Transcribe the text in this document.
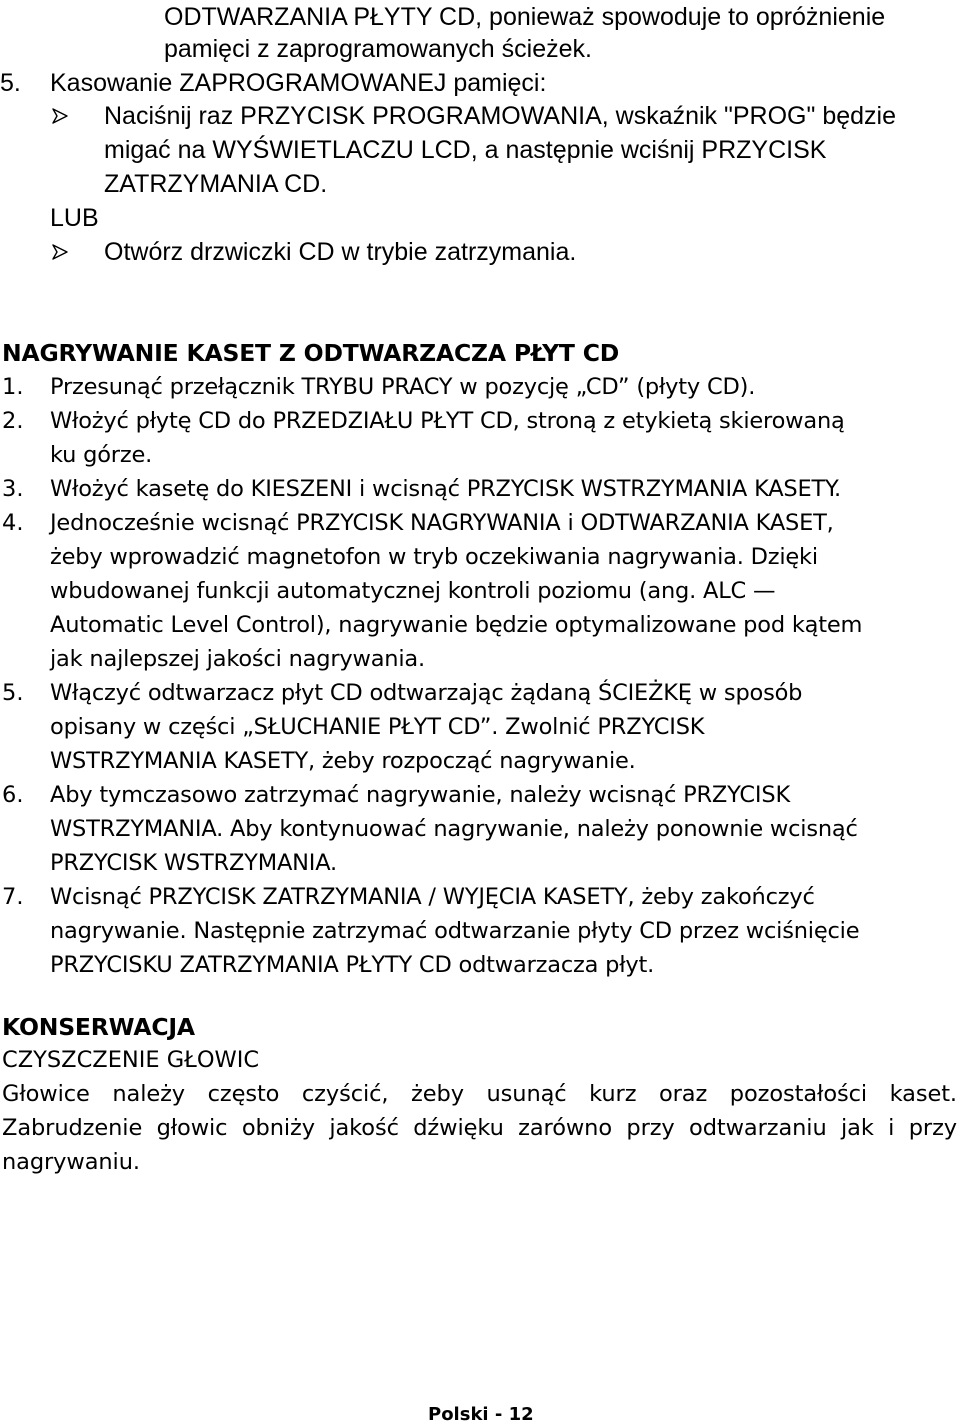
ODTWARZANIA PŁYTY CD, ponieważ spowoduje to opróżnienie
pamięci z zaprogramowanych ścieżek.
5. Kasowanie ZAPROGRAMOWANEJ pamięci:
Naciśnij raz PRZYCISK PROGRAMOWANIA, wskaźnik "PROG" będzie
migać na WYŚWIETLACZU LCD, a następnie wciśnij PRZYCISK
ZATRZYMANIA CD.
LUB
Otwórz drzwiczki CD w trybie zatrzymania.
NAGRYWANIE KASET Z ODTWARZACZA PŁYT CD
1. Przesunąć przełącznik TRYBU PRACY w pozycję „CD” (płyty CD).
2. Włożyć płytę CD do PRZEDZIAŁU PŁYT CD, stroną z etykietą skierowaną
ku górze.
3. Włożyć kasetę do KIESZENI i wcisnąć PRZYCISK WSTRZYMANIA KASETY.
4. Jednocześnie wcisnąć PRZYCISK NAGRYWANIA i ODTWARZANIA KASET,
żeby wprowadzić magnetofon w tryb oczekiwania nagrywania. Dzięki
wbudowanej funkcji automatycznej kontroli poziomu (ang. ALC —
Automatic Level Control), nagrywanie będzie optymalizowane pod kątem
jak najlepszej jakości nagrywania.
5. Włączyć odtwarzacz płyt CD odtwarzając żądaną ŚCIEŻKĘ w sposób
opisany w części „SŁUCHANIE PŁYT CD”. Zwolnić PRZYCISK
WSTRZYMANIA KASETY, żeby rozpocząć nagrywanie.
6. Aby tymczasowo zatrzymać nagrywanie, należy wcisnąć PRZYCISK
WSTRZYMANIA. Aby kontynuować nagrywanie, należy ponownie wcisnąć
PRZYCISK WSTRZYMANIA.
7. Wcisnąć PRZYCISK ZATRZYMANIA / WYJĘCIA KASETY, żeby zakończyć
nagrywanie. Następnie zatrzymać odtwarzanie płyty CD przez wciśnięcie
PRZYCISKU ZATRZYMANIA PŁYTY CD odtwarzacza płyt.
KONSERWACJA
CZYSZCZENIE GŁOWIC
Głowice należy często czyścić, żeby usunąć kurz oraz pozostałości kaset. Zabrudzenie głowic obniży jakość dźwięku zarówno przy odtwarzaniu jak i przy nagrywaniu.
Polski - 12
